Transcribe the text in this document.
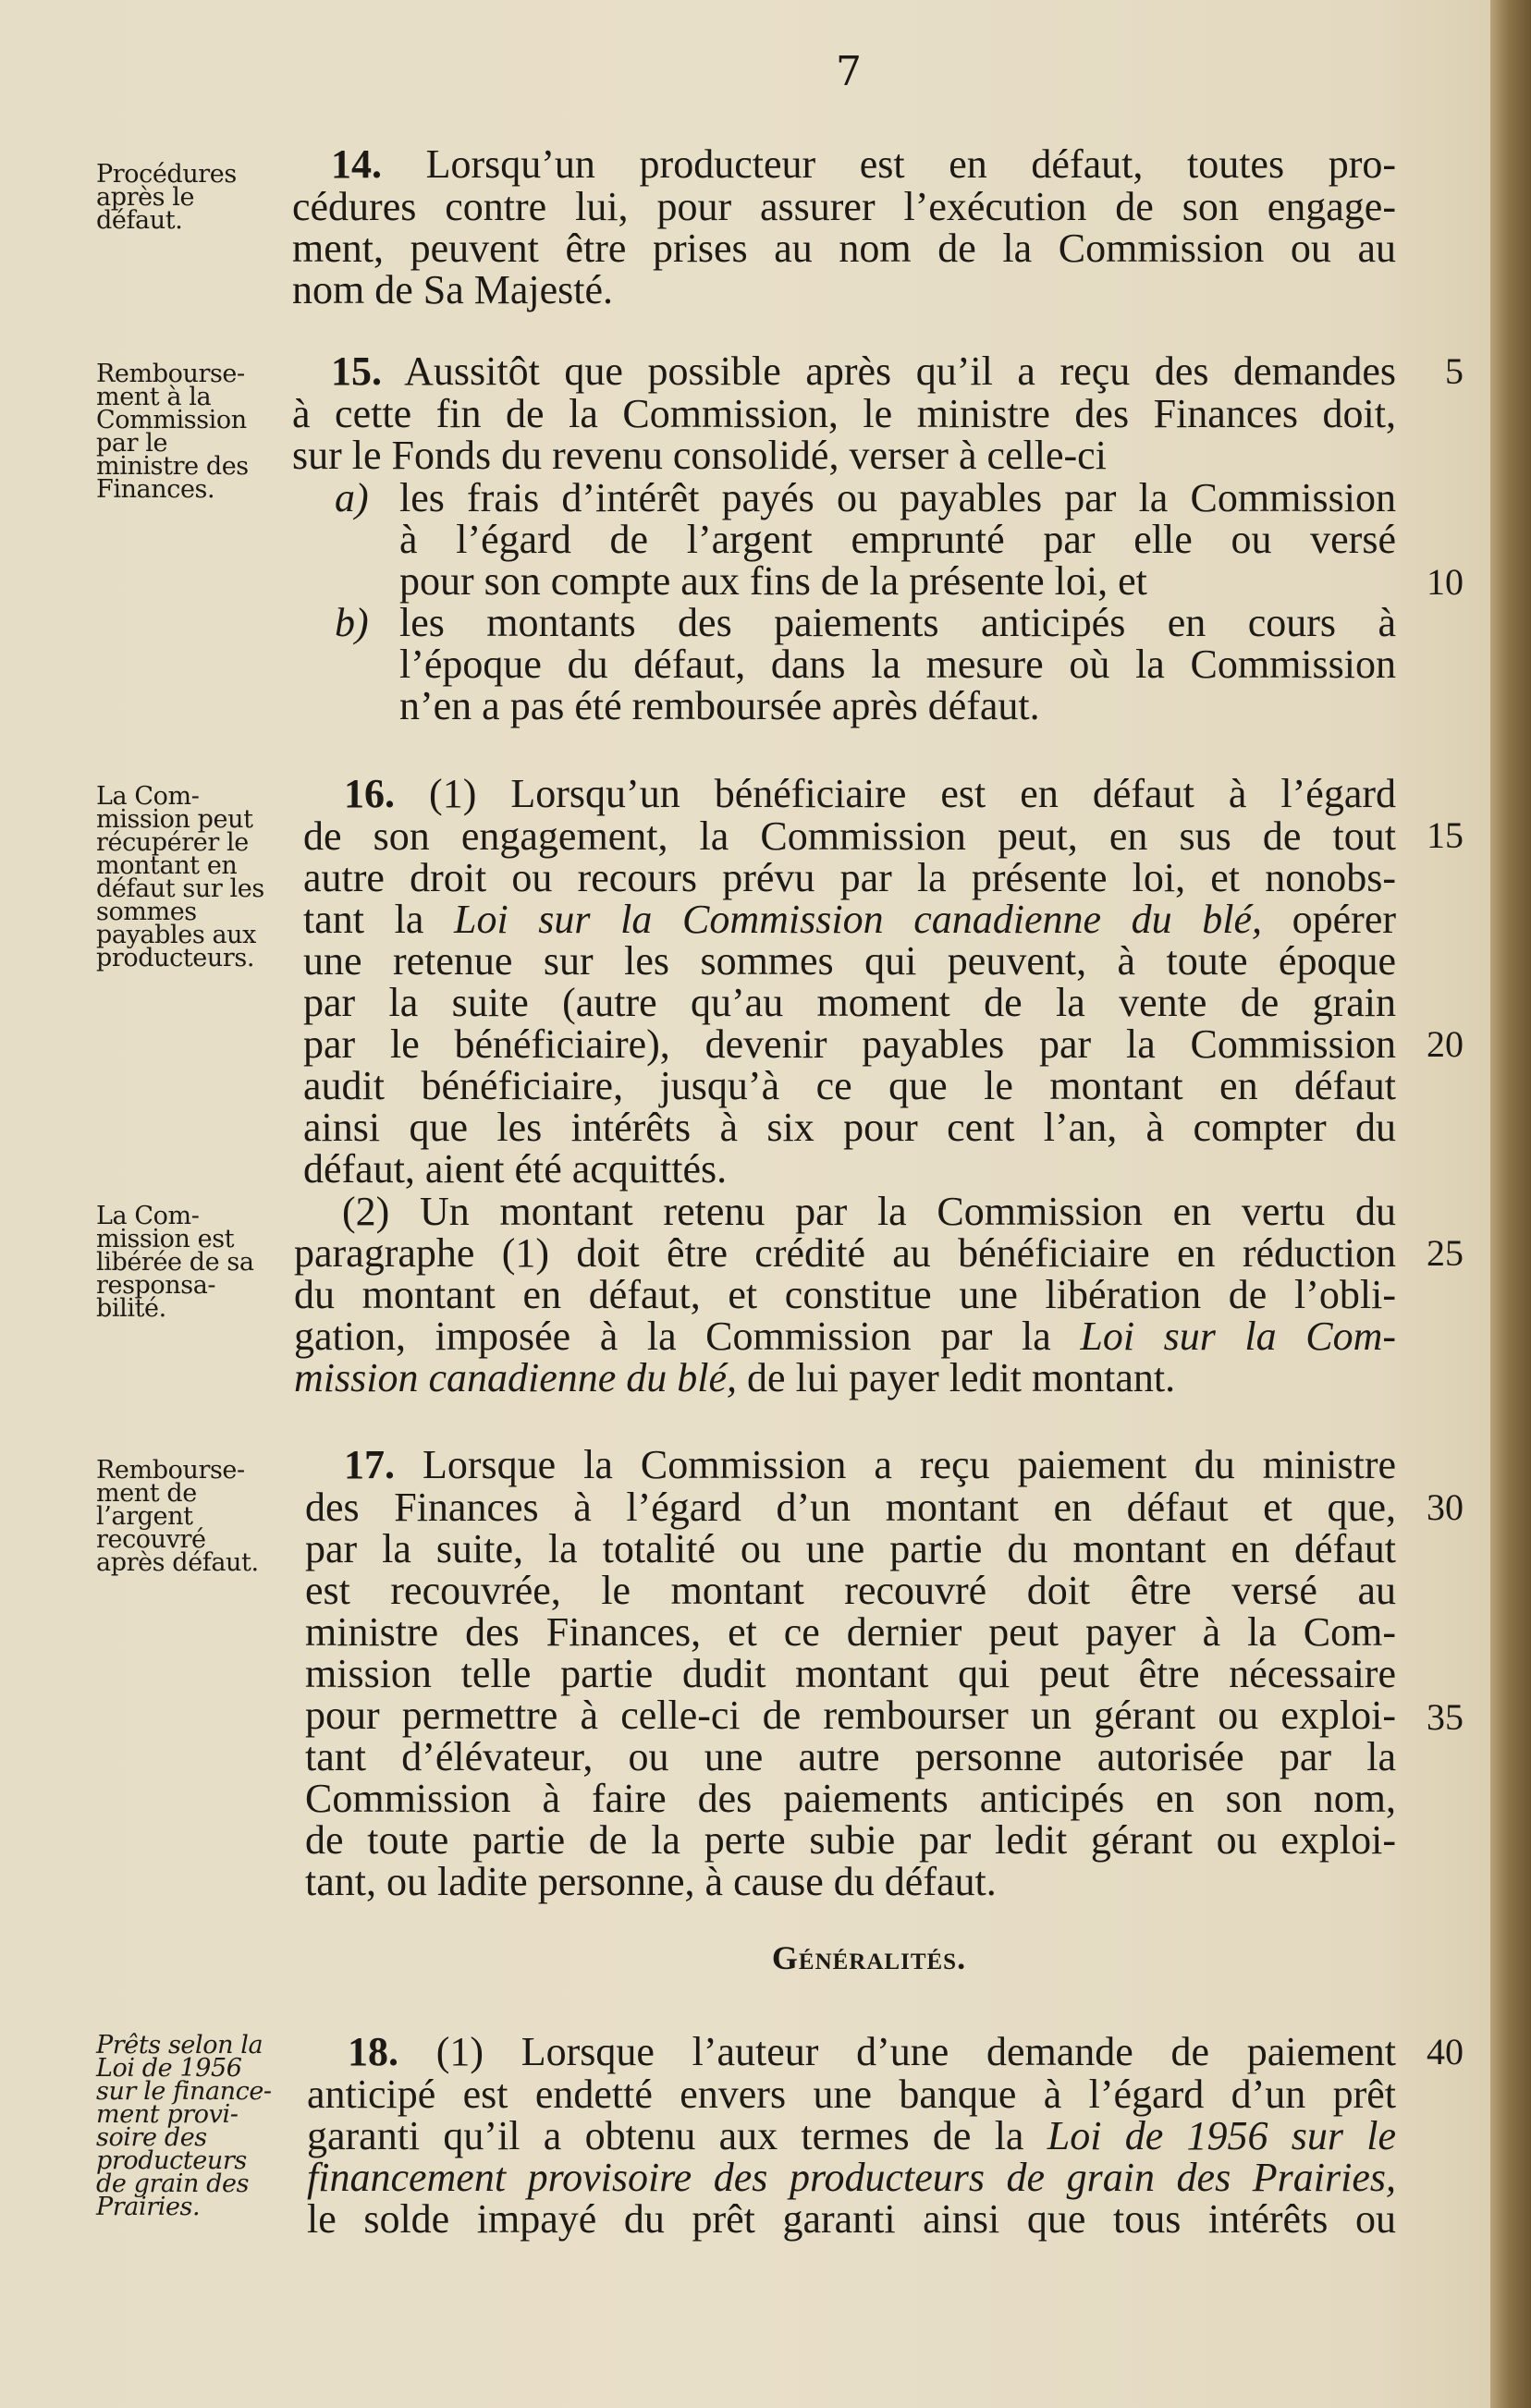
7
Procédures après le défaut.
Rembourse-ment à la Commission par le ministre des Finances.
La Com-mission peut récupérer le montant en défaut sur les sommes payables aux producteurs.
La Com-mission est libérée de sa responsa-bilité.
Rembourse-ment de l’argent recouvré après défaut.
Prêts selon la Loi de 1956 sur le finance-ment provi-soire des producteurs de grain des Prairies.
14. Lorsqu’un producteur est en défaut, toutes pro-
cédures contre lui, pour assurer l’exécution de son engage-
ment, peuvent être prises au nom de la Commission ou au
nom de Sa Majesté.
15. Aussitôt que possible après qu’il a reçu des demandes
à cette fin de la Commission, le ministre des Finances doit,
sur le Fonds du revenu consolidé, verser à celle-ci
a) les frais d’intérêt payés ou payables par la Commission
à l’égard de l’argent emprunté par elle ou versé
pour son compte aux fins de la présente loi, et
b) les montants des paiements anticipés en cours à
l’époque du défaut, dans la mesure où la Commission
n’en a pas été remboursée après défaut.
16. (1) Lorsqu’un bénéficiaire est en défaut à l’égard
de son engagement, la Commission peut, en sus de tout
autre droit ou recours prévu par la présente loi, et nonobs-
tant la Loi sur la Commission canadienne du blé, opérer
une retenue sur les sommes qui peuvent, à toute époque
par la suite (autre qu’au moment de la vente de grain
par le bénéficiaire), devenir payables par la Commission
audit bénéficiaire, jusqu’à ce que le montant en défaut
ainsi que les intérêts à six pour cent l’an, à compter du
défaut, aient été acquittés.
(2) Un montant retenu par la Commission en vertu du
paragraphe (1) doit être crédité au bénéficiaire en réduction
du montant en défaut, et constitue une libération de l’obli-
gation, imposée à la Commission par la Loi sur la Com-
mission canadienne du blé, de lui payer ledit montant.
17. Lorsque la Commission a reçu paiement du ministre
des Finances à l’égard d’un montant en défaut et que,
par la suite, la totalité ou une partie du montant en défaut
est recouvrée, le montant recouvré doit être versé au
ministre des Finances, et ce dernier peut payer à la Com-
mission telle partie dudit montant qui peut être nécessaire
pour permettre à celle-ci de rembourser un gérant ou exploi-
tant d’élévateur, ou une autre personne autorisée par la
Commission à faire des paiements anticipés en son nom,
de toute partie de la perte subie par ledit gérant ou exploi-
tant, ou ladite personne, à cause du défaut.
Généralités.
18. (1) Lorsque l’auteur d’une demande de paiement
anticipé est endetté envers une banque à l’égard d’un prêt
garanti qu’il a obtenu aux termes de la Loi de 1956 sur le
financement provisoire des producteurs de grain des Prairies,
le solde impayé du prêt garanti ainsi que tous intérêts ou
5
10
15
20
25
30
35
40
